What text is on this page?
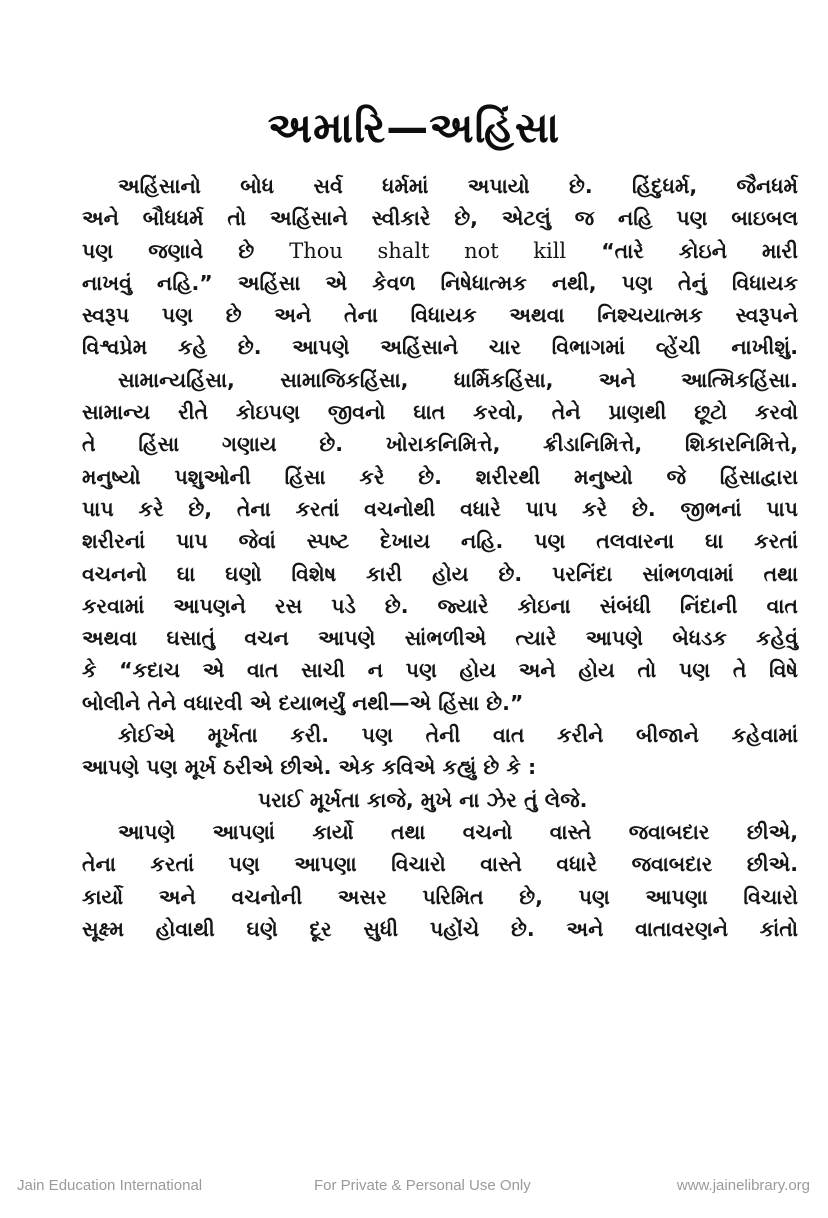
અમારિ—અહિંસા
અહિંસાનો બોધ સર્વ ધર્મમાં અપાયો છે. હિંદુધર્મ, જૈનધર્મ
અને બૌધધર્મ તો અહિંસાને સ્વીકારે છે, એટલું જ નહિ પણ બાઇબલ
પણ જણાવે છે Thou shalt not kill “તારે કોઇને મારી
નાખવું નહિ.” અહિંસા એ કેવળ નિષેધાત્મક નથી, પણ તેનું વિધાયક
સ્વરૂપ પણ છે અને તેના વિધાયક અથવા નિશ્ચયાત્મક સ્વરૂપને
વિશ્વપ્રેમ કહે છે. આપણે અહિંસાને ચાર વિભાગમાં વ્હેંચી નાખીશું.
સામાન્યહિંસા, સામાજિકહિંસા, ધાર્મિકહિંસા, અને આત્મિકહિંસા.
સામાન્ય રીતે કોઇપણ જીવનો ઘાત કરવો, તેને પ્રાણથી છૂટો કરવો
તે હિંસા ગણાય છે. ખોરાકનિમિત્તે, ક્રીડાનિમિત્તે, શિકારનિમિત્તે,
મનુષ્યો પશુઓની હિંસા કરે છે. શરીરથી મનુષ્યો જે હિંસાદ્વારા
પાપ કરે છે, તેના કરતાં વચનોથી વધારે પાપ કરે છે. જીભનાં પાપ
શરીરનાં પાપ જેવાં સ્પષ્ટ દેખાય નહિ. પણ તલવારના ઘા કરતાં
વચનનો ઘા ઘણો વિશેષ કારી હોય છે. પરનિંદા સાંભળવામાં તથા
કરવામાં આપણને રસ પડે છે. જ્યારે કોઇના સંબંધી નિંદાની વાત
અથવા ઘસાતું વચન આપણે સાંભળીએ ત્યારે આપણે બેધડક કહેવું
કે “કદાચ એ વાત સાચી ન પણ હોય અને હોય તો પણ તે વિષે
બોલીને તેને વધારવી એ દયાભર્યું નથી—એ હિંસા છે.”
કોઈએ મૂર્ખતા કરી. પણ તેની વાત કરીને બીજાને કહેવામાં
આપણે પણ મૂર્ખ ઠરીએ છીએ. એક કવિએ કહ્યું છે કે :
પરાઈ મૂર્ખતા કાજે, મુખે ના ઝેર તું લેજે.
આપણે આપણાં કાર્યો તથા વચનો વાસ્તે જવાબદાર છીએ,
તેના કરતાં પણ આપણા વિચારો વાસ્તે વધારે જવાબદાર છીએ.
કાર્યો અને વચનોની અસર પરિમિત છે, પણ આપણા વિચારો
સૂક્ષ્મ હોવાથી ઘણે દૂર સુધી પહોંચે છે. અને વાતાવરણને કાંતો
Jain Education International	For Private & Personal Use Only	www.jainelibrary.org
